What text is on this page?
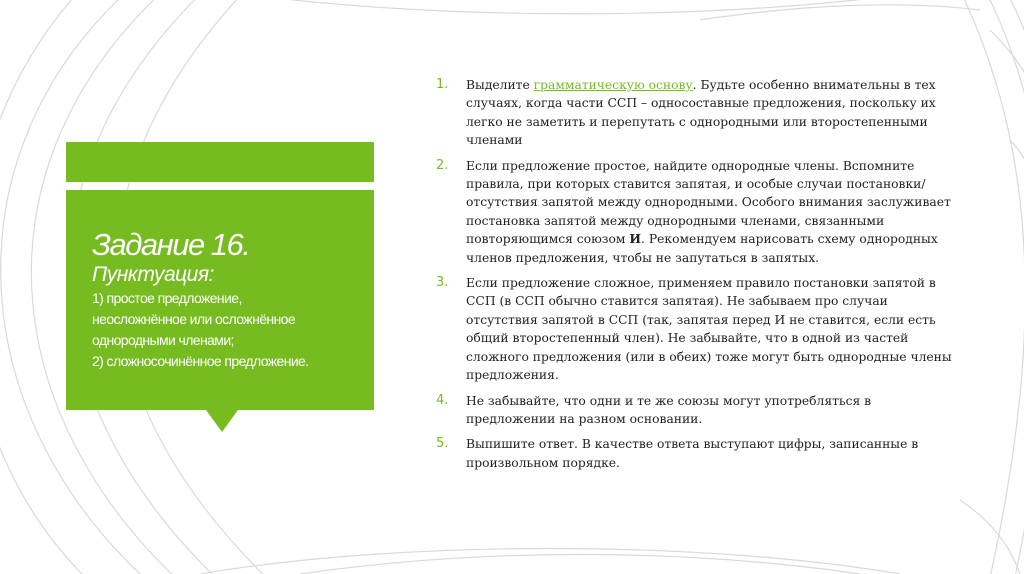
Задание 16.
Пунктуация:
1) простое предложение,
неосложнённое или осложнённое
однородными членами;
2) сложносочинённое предложение.
1. Выделите грамматическую основу. Будьте особенно внимательны в тех случаях, когда части ССП – односоставные предложения, поскольку их легко не заметить и перепутать с однородными или второстепенными членами
2. Если предложение простое, найдите однородные члены. Вспомните правила, при которых ставится запятая, и особые случаи постановки/отсутствия запятой между однородными. Особого внимания заслуживает постановка запятой между однородными членами, связанными повторяющимся союзом И. Рекомендуем нарисовать схему однородных членов предложения, чтобы не запутаться в запятых.
3. Если предложение сложное, применяем правило постановки запятой в ССП (в ССП обычно ставится запятая). Не забываем про случаи отсутствия запятой в ССП (так, запятая перед И не ставится, если есть общий второстепенный член). Не забывайте, что в одной из частей сложного предложения (или в обеих) тоже могут быть однородные члены предложения.
4. Не забывайте, что одни и те же союзы могут употребляться в предложении на разном основании.
5. Выпишите ответ. В качестве ответа выступают цифры, записанные в произвольном порядке.
